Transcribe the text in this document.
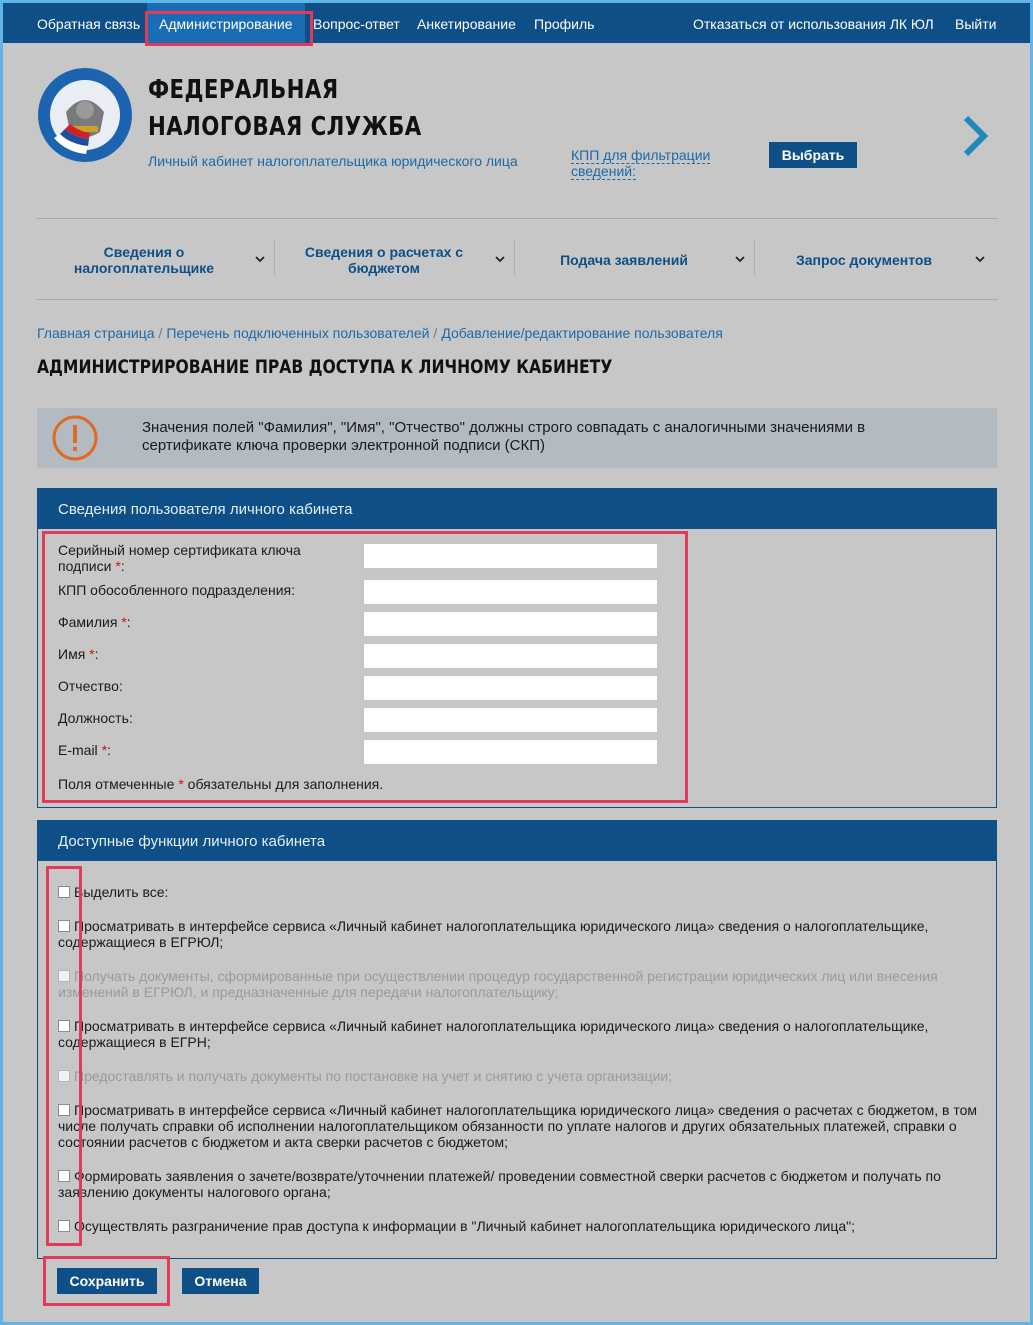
Обратная связь	Администрирование	Вопрос-ответ Анкетирование Профиль	Отказаться от использования ЛК ЮЛ Выйти
ФЕДЕРАЛЬНАЯ
НАЛОГОВАЯ СЛУЖБА
Личный кабинет налогоплательщика юридического лица	КПП для фильтрации сведений:
Выбрать
Сведения о налогоплательщике
Сведения о расчетах с бюджетом	Подача заявлений	Запрос документов
Главная страница / Перечень подключенных пользователей / Добавление/редактирование пользователя
АДМИНИСТРИРОВАНИЕ ПРАВ ДОСТУПА К ЛИЧНОМУ КАБИНЕТУ
Значения полей "Фамилия", "Имя", "Отчество" должны строго совпадать с аналогичными значениями в сертификате ключа проверки электронной подписи (СКП)
Сведения пользователя личного кабинета
Серийный номер сертификата ключа подписи *:
КПП обособленного подразделения:
Фамилия *:
Имя *:
Отчество:
Должность:
E-mail *:
Поля отмеченные * обязательны для заполнения.
Доступные функции личного кабинета
Выделить все:
Просматривать в интерфейсе сервиса «Личный кабинет налогоплательщика юридического лица» сведения о налогоплательщике, содержащиеся в ЕГРЮЛ;
Получать документы, сформированные при осуществлении процедур государственной регистрации юридических лиц или внесения изменений в ЕГРЮЛ, и предназначенные для передачи налогоплательщику;
Просматривать в интерфейсе сервиса «Личный кабинет налогоплательщика юридического лица» сведения о налогоплательщике, содержащиеся в ЕГРН;
Предоставлять и получать документы по постановке на учет и снятию с учета организации;
Просматривать в интерфейсе сервиса «Личный кабинет налогоплательщика юридического лица» сведения о расчетах с бюджетом, в том числе получать справки об исполнении налогоплательщиком обязанности по уплате налогов и других обязательных платежей, справки о состоянии расчетов с бюджетом и акта сверки расчетов с бюджетом;
Формировать заявления о зачете/возврате/уточнении платежей/ проведении совместной сверки расчетов с бюджетом и получать по заявлению документы налогового органа;
Осуществлять разграничение прав доступа к информации в "Личный кабинет налогоплательщика юридического лица";
Сохранить	Отмена
